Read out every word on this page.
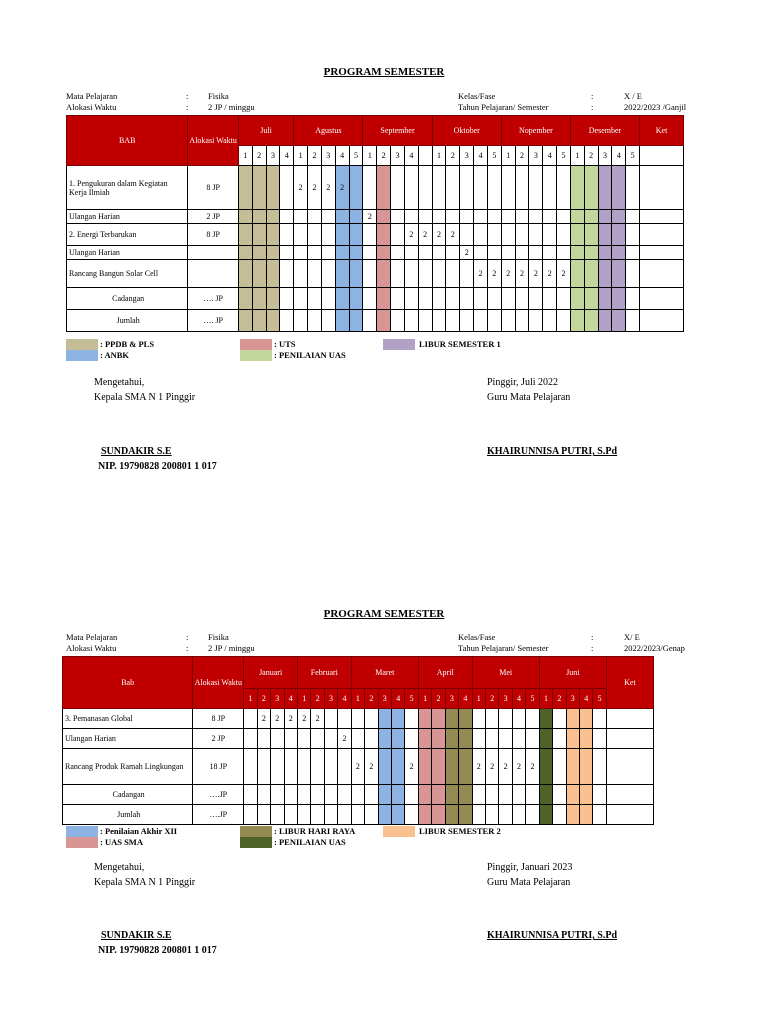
PROGRAM SEMESTER
Mata Pelajaran	: Fisika
Alokasi Waktu	: 2 JP / minggu
Kelas/Fase	:	X / E
Tahun Pelajaran/ Semester	:	2022/2023 /Ganjil
BAB	Alokasi Waktu	Juli				Agustus					September					Oktober					Nopember					Desember					Ket
		1	2	3	4	1	2	3	4	5	1	2	3	4		1	2	3	4	5	1	2	3	4	5	1	2	3	4	5	
1. Pengukuran dalam Kegiatan Kerja Ilmiah	8 JP					2	2	2	2																						
Ulangan Harian	2 JP										2																				
2. Energi Terbarukan	8 JP													2	2	2	2														
Ulangan Harian																		2													
Rancang Bangun Solar Cell																			2	2	2	2	2	2	2						
Cadangan	…. JP																														
Jumlah	…. JP																														
: PPDB & PLS
: ANBK
: UTS
: PENILAIAN UAS
LIBUR SEMESTER 1
Mengetahui,
Kepala SMA N 1 Pinggir
Pinggir, Juli 2022
Guru Mata Pelajaran
SUNDAKIR S.E
NIP. 19790828 200801 1 017
KHAIRUNNISA PUTRI, S.Pd
PROGRAM SEMESTER
Mata Pelajaran	: Fisika
Alokasi Waktu	: 2 JP / minggu
Kelas/Fase	:	X/ E
Tahun Pelajaran/ Semester	:	2022/2023/Genap
Bab	Alokasi Waktu	Januari				Februari				Maret					April				Mei					Juni					Ket
		1	2	3	4	1	2	3	4	1	2	3	4	5	1	2	3	4	1	2	3	4	5	1	2	3	4	5	
3. Pemanasan Global	8 JP		2	2	2	2	2																						
Ulangan Harian	2 JP								2																				
Rancang Produk Ramah Lingkungan	18 JP									2	2			2					2	2	2	2	2						
Cadangan	….JP																												
Jumlah	….JP																												
: Penilaian Akhir XII
: UAS SMA
: LIBUR HARI RAYA
: PENILAIAN UAS
LIBUR SEMESTER 2
Mengetahui,
Kepala SMA N 1 Pinggir
Pinggir, Januari 2023
Guru Mata Pelajaran
SUNDAKIR S.E
NIP. 19790828 200801 1 017
KHAIRUNNISA PUTRI, S.Pd
